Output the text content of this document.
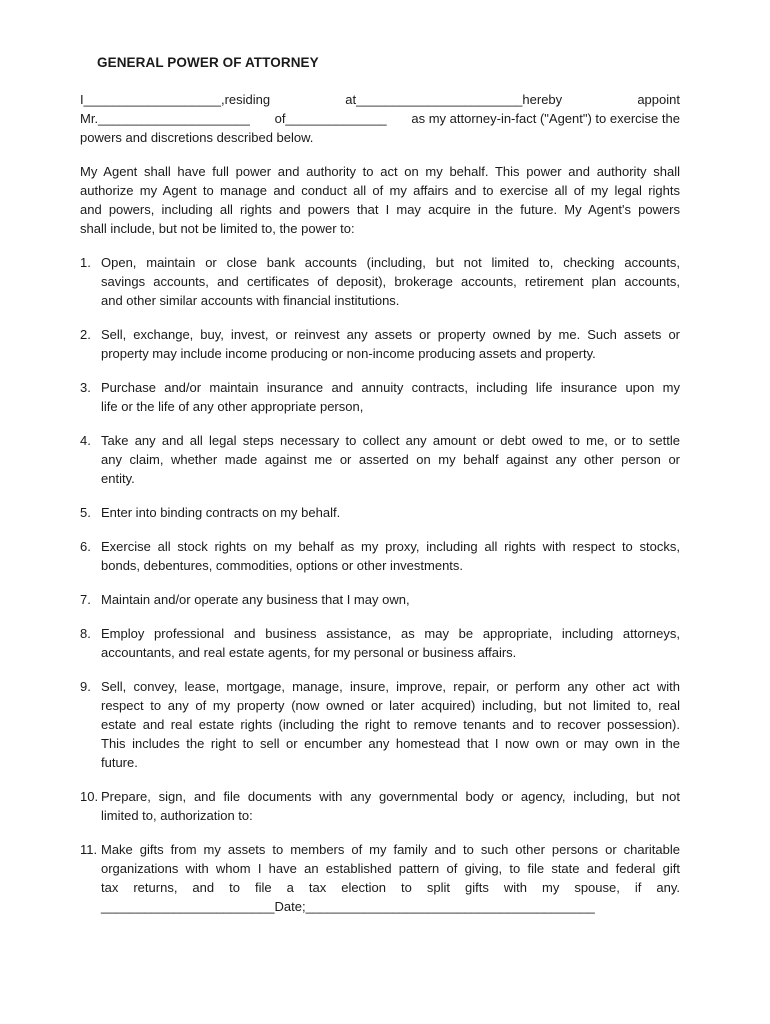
GENERAL POWER OF ATTORNEY
I___________________,residing	at_______________________hereby	appoint
Mr._____________________ of______________ as my attorney-in-fact ("Agent") to exercise the
powers and discretions described below.
My Agent shall have full power and authority to act on my behalf. This power and authority shall
authorize my Agent to manage and conduct all of my affairs and to exercise all of my legal rights
and powers, including all rights and powers that I may acquire in the future. My Agent's powers
shall include, but not be limited to, the power to:
1. Open, maintain or close bank accounts (including, but not limited to, checking accounts,
savings accounts, and certificates of deposit), brokerage accounts, retirement plan accounts,
and other similar accounts with financial institutions.
2. Sell, exchange, buy, invest, or reinvest any assets or property owned by me. Such assets or
property may include income producing or non-income producing assets and property.
3. Purchase and/or maintain insurance and annuity contracts, including life insurance upon my
life or the life of any other appropriate person,
4. Take any and all legal steps necessary to collect any amount or debt owed to me, or to settle
any claim, whether made against me or asserted on my behalf against any other person or
entity.
5. Enter into binding contracts on my behalf.
6. Exercise all stock rights on my behalf as my proxy, including all rights with respect to stocks,
bonds, debentures, commodities, options or other investments.
7. Maintain and/or operate any business that I may own,
8. Employ professional and business assistance, as may be appropriate, including attorneys,
accountants, and real estate agents, for my personal or business affairs.
9. Sell, convey, lease, mortgage, manage, insure, improve, repair, or perform any other act with
respect to any of my property (now owned or later acquired) including, but not limited to, real
estate and real estate rights (including the right to remove tenants and to recover possession).
This includes the right to sell or encumber any homestead that I now own or may own in the
future.
10. Prepare, sign, and file documents with any governmental body or agency, including, but not
limited to, authorization to:
11. Make gifts from my assets to members of my family and to such other persons or charitable
organizations with whom I have an established pattern of giving, to file state and federal gift
tax returns, and to file a tax election to split gifts with my spouse, if any.
________________________Date;________________________________________
